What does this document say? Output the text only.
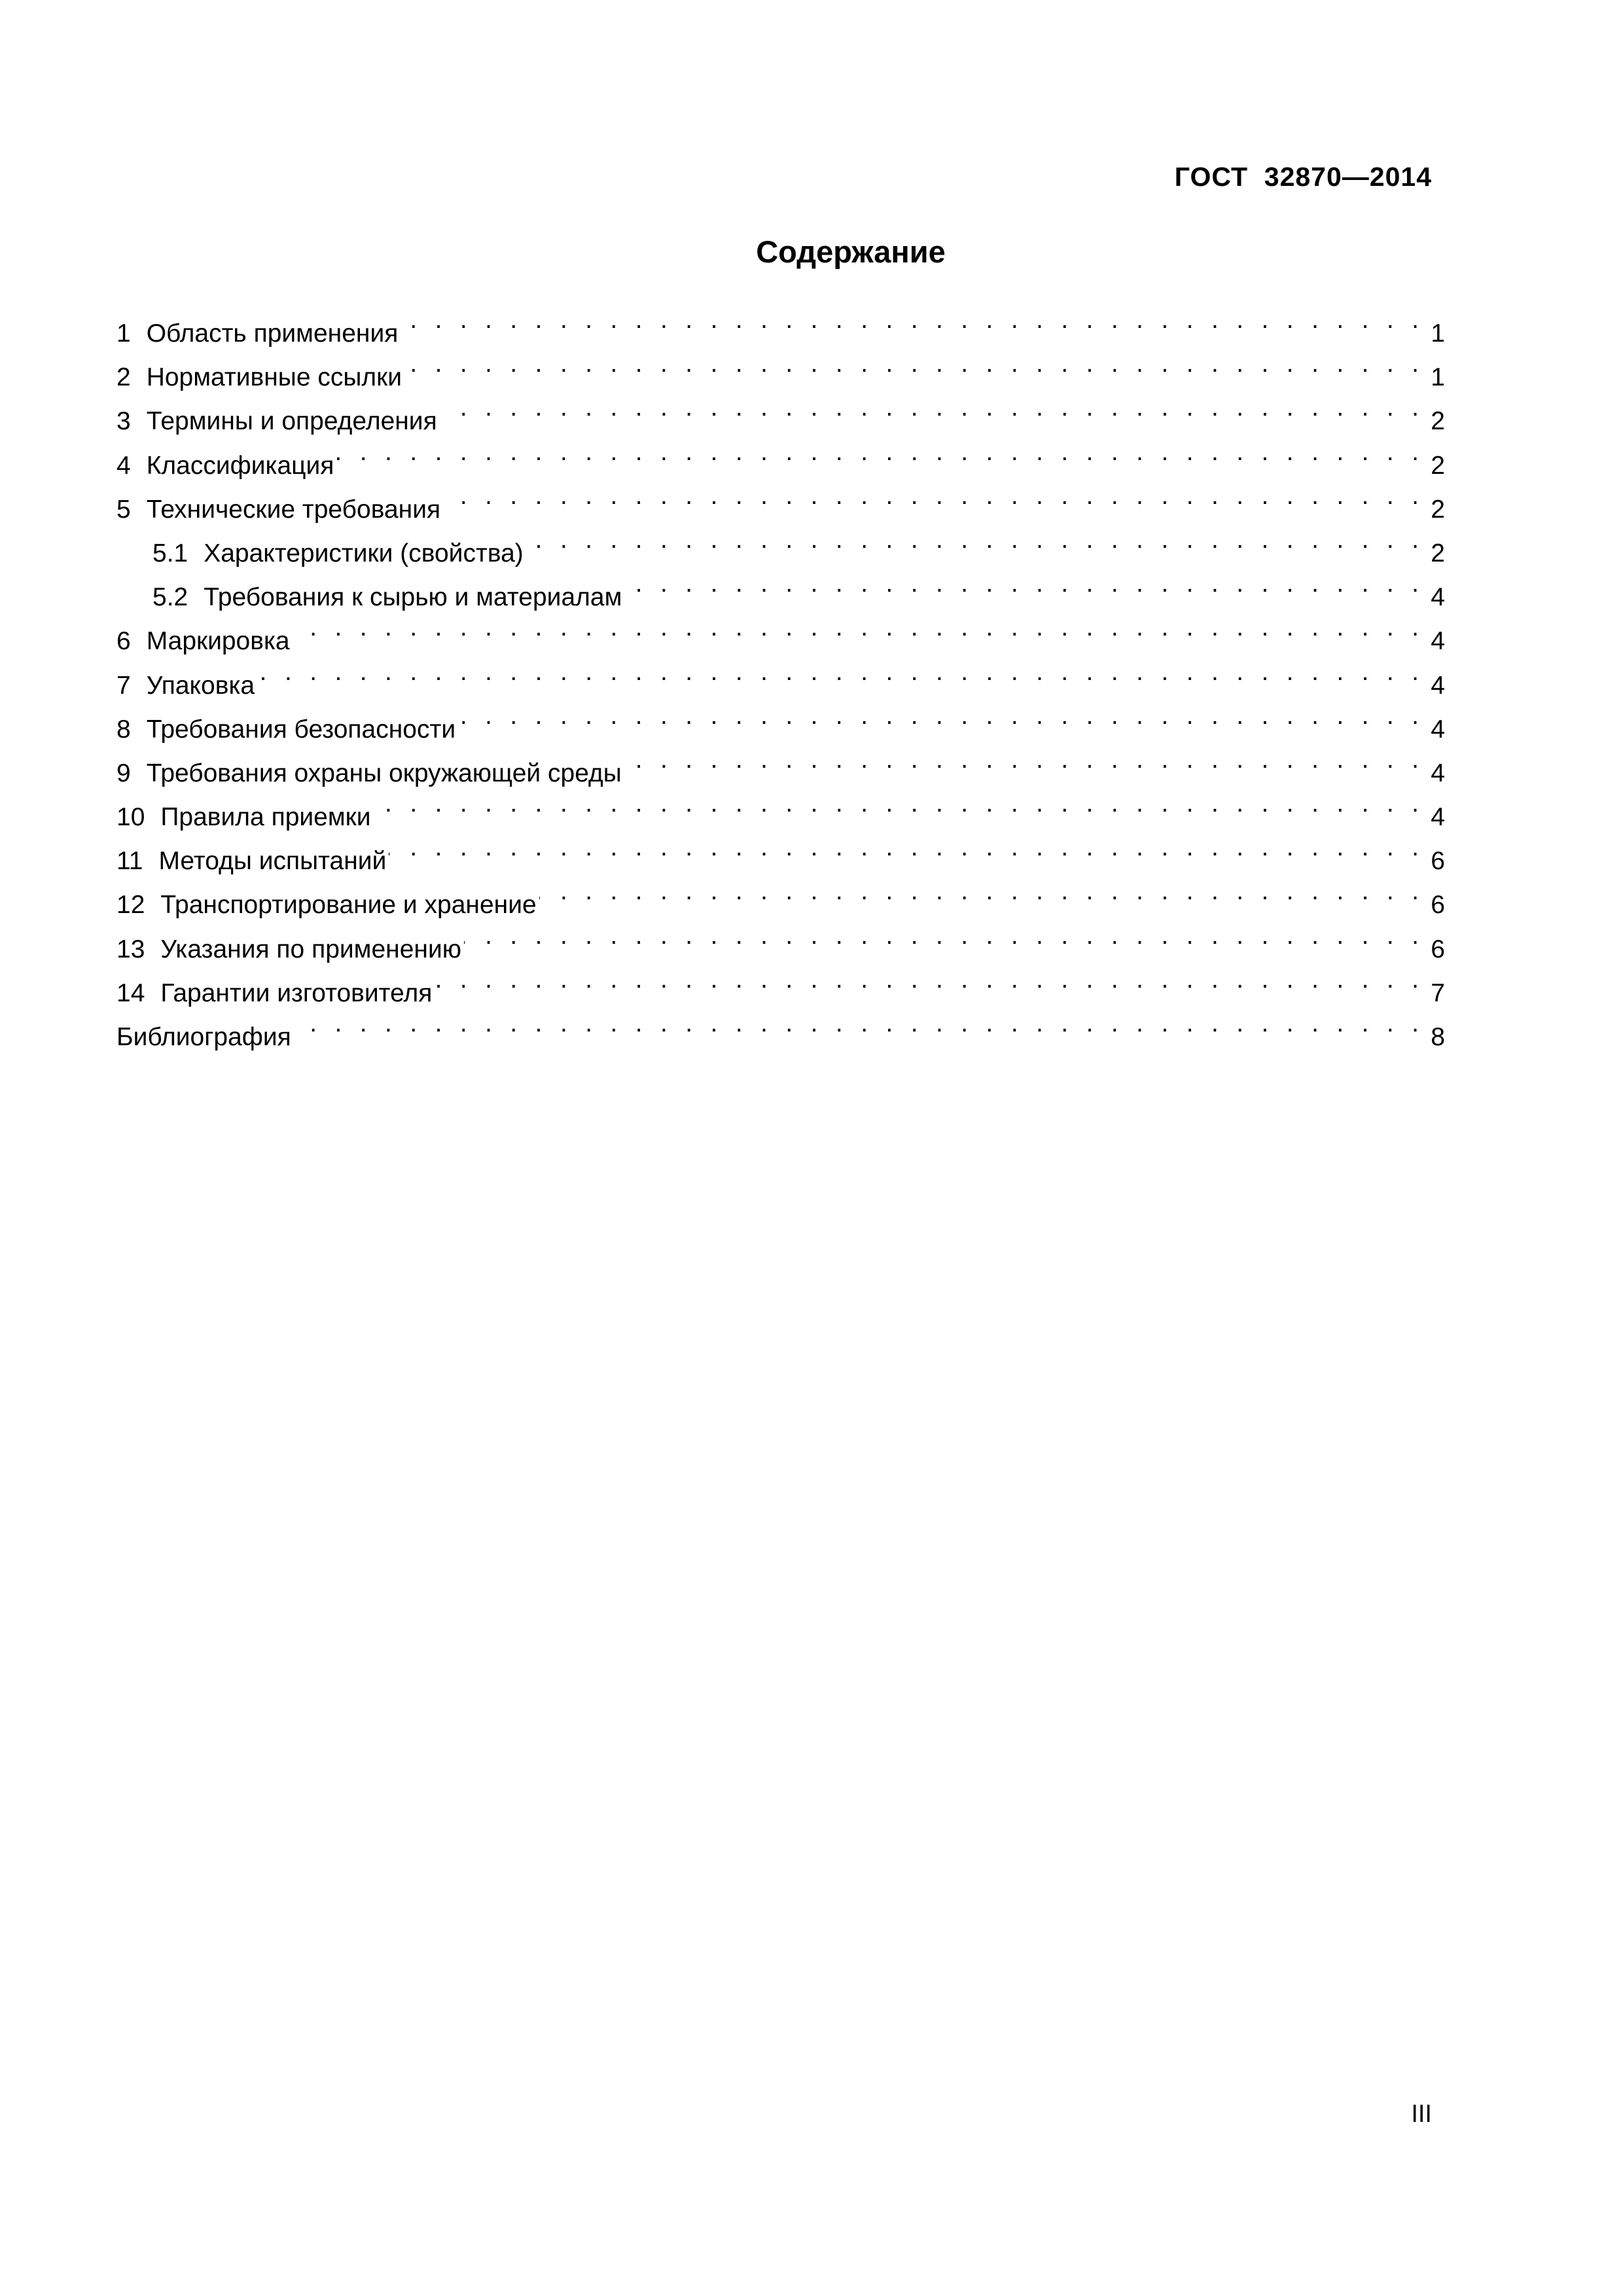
ГОСТ  32870—2014
Содержание
1 Область применения . . .	1
2 Нормативные ссылки . . .	1
3 Термины и определения . . .	2
4 Классификация . . .	2
5 Технические требования . . .	2
5.1 Характеристики (свойства) . . .	2
5.2 Требования к сырью и материалам . . .	4
6 Маркировка . . .	4
7 Упаковка . . .	4
8 Требования безопасности . . .	4
9 Требования охраны окружающей среды . . .	4
10 Правила приемки . . .	4
11 Методы испытаний . . .	6
12 Транспортирование и хранение . . .	6
13 Указания по применению . . .	6
14 Гарантии изготовителя . . .	7
Библиография . . .	8
III
